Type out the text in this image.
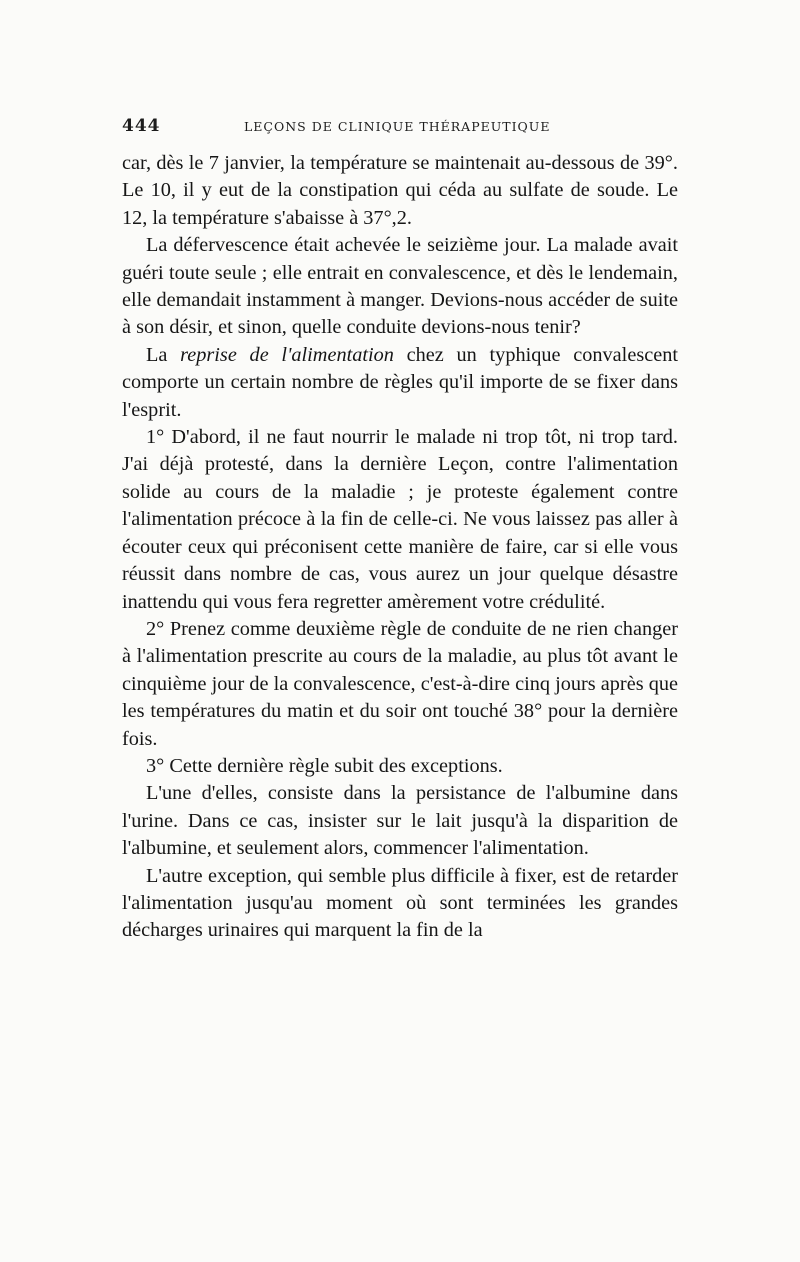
444	LEÇONS DE CLINIQUE THÉRAPEUTIQUE

car, dès le 7 janvier, la température se maintenait au-dessous de 39°. Le 10, il y eut de la constipation qui céda au sulfate de soude. Le 12, la température s'abaisse à 37°,2.

La défervescence était achevée le seizième jour. La malade avait guéri toute seule ; elle entrait en convalescence, et dès le lendemain, elle demandait instamment à manger. Devions-nous accéder de suite à son désir, et sinon, quelle conduite devions-nous tenir?

La reprise de l'alimentation chez un typhique convalescent comporte un certain nombre de règles qu'il importe de se fixer dans l'esprit.

1° D'abord, il ne faut nourrir le malade ni trop tôt, ni trop tard. J'ai déjà protesté, dans la dernière Leçon, contre l'alimentation solide au cours de la maladie ; je proteste également contre l'alimentation précoce à la fin de celle-ci. Ne vous laissez pas aller à écouter ceux qui préconisent cette manière de faire, car si elle vous réussit dans nombre de cas, vous aurez un jour quelque désastre inattendu qui vous fera regretter amèrement votre crédulité.

2° Prenez comme deuxième règle de conduite de ne rien changer à l'alimentation prescrite au cours de la maladie, au plus tôt avant le cinquième jour de la convalescence, c'est-à-dire cinq jours après que les températures du matin et du soir ont touché 38° pour la dernière fois.

3° Cette dernière règle subit des exceptions.

L'une d'elles, consiste dans la persistance de l'albumine dans l'urine. Dans ce cas, insister sur le lait jusqu'à la disparition de l'albumine, et seulement alors, commencer l'alimentation.

L'autre exception, qui semble plus difficile à fixer, est de retarder l'alimentation jusqu'au moment où sont terminées les grandes décharges urinaires qui marquent la fin de la
